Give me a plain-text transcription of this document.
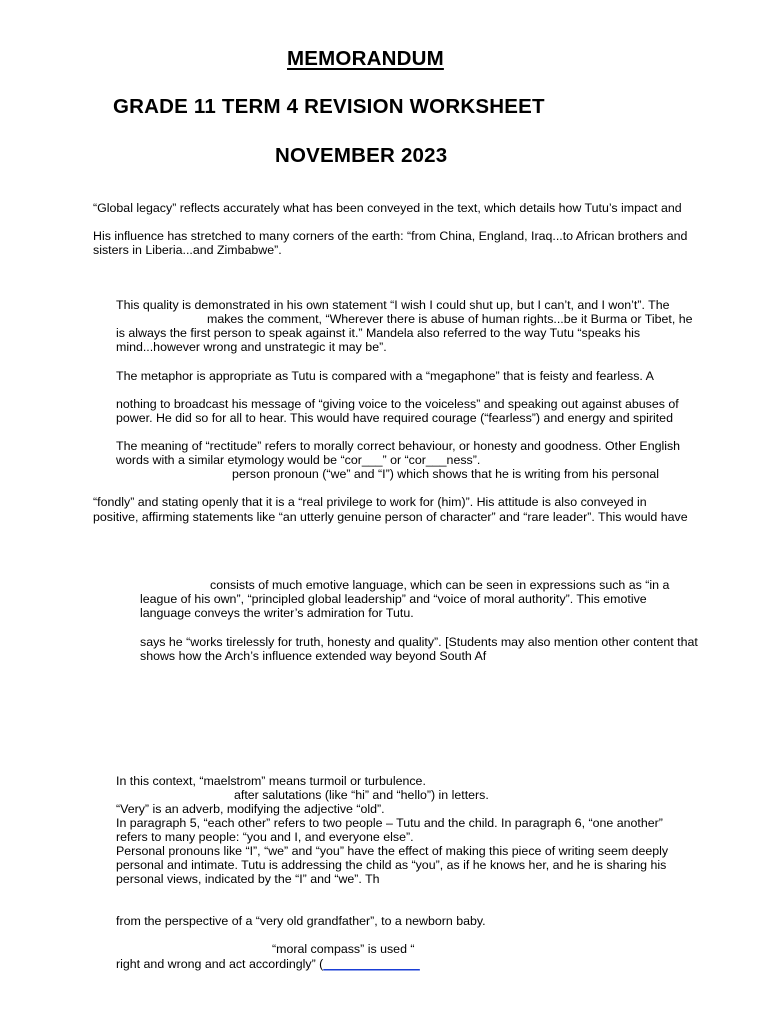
MEMORANDUM
GRADE 11 TERM 4 REVISION WORKSHEET
NOVEMBER 2023
“Global legacy” reflects accurately what has been conveyed in the text, which details how Tutu’s impact and
His influence has stretched to many corners of the earth: “from China, England, Iraq...to African brothers and
sisters in Liberia...and Zimbabwe”.
This quality is demonstrated in his own statement “I wish I could shut up, but I can’t, and I won’t”. The
makes the comment, “Wherever there is abuse of human rights...be it Burma or Tibet, he
is always the first person to speak against it.” Mandela also referred to the way Tutu “speaks his
mind...however wrong and unstrategic it may be”.
The metaphor is appropriate as Tutu is compared with a “megaphone” that is feisty and fearless. A
nothing to broadcast his message of “giving voice to the voiceless” and speaking out against abuses of
power. He did so for all to hear. This would have required courage (“fearless”) and energy and spirited
The meaning of “rectitude” refers to morally correct behaviour, or honesty and goodness. Other English
words with a similar etymology would be “cor___” or “cor___ness”.
person pronoun (“we” and “I”) which shows that he is writing from his personal
“fondly” and stating openly that it is a “real privilege to work for (him)”. His attitude is also conveyed in
positive, affirming statements like “an utterly genuine person of character” and “rare leader”. This would have
consists of much emotive language, which can be seen in expressions such as “in a
league of his own”, “principled global leadership” and “voice of moral authority”. This emotive
language conveys the writer’s admiration for Tutu.
says he “works tirelessly for truth, honesty and quality”. [Students may also mention other content that
shows how the Arch’s influence extended way beyond South Af
In this context, “maelstrom” means turmoil or turbulence.
after salutations (like “hi” and “hello”) in letters.
“Very” is an adverb, modifying the adjective “old”.
In paragraph 5, “each other” refers to two people – Tutu and the child. In paragraph 6, “one another”
refers to many people: “you and I, and everyone else”.
Personal pronouns like “I”, “we” and “you” have the effect of making this piece of writing seem deeply
personal and intimate. Tutu is addressing the child as “you”, as if he knows her, and he is sharing his
personal views, indicated by the “I” and “we”. Th
from the perspective of a “very old grandfather”, to a newborn baby.
“moral compass” is used “
right and wrong and act accordingly” (______________
